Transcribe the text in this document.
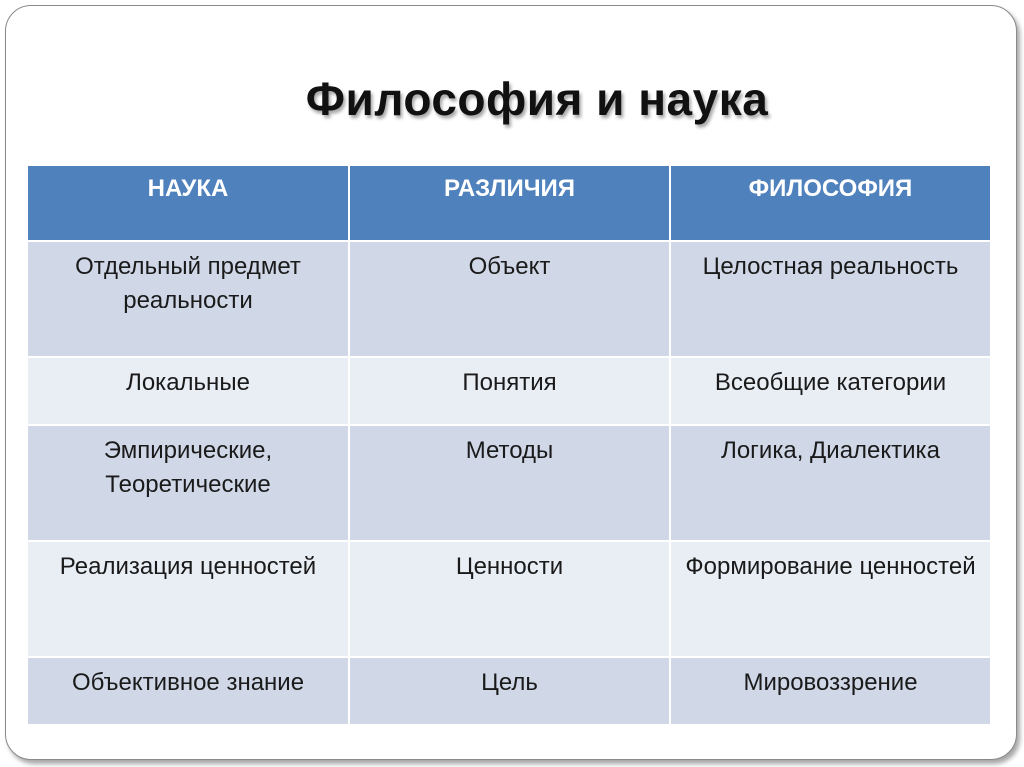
Философия и наука
НАУКА	РАЗЛИЧИЯ	ФИЛОСОФИЯ
Отдельный предмет реальности	Объект	Целостная реальность
Локальные	Понятия	Всеобщие категории
Эмпирические, Теоретические	Методы	Логика, Диалектика
Реализация ценностей	Ценности	Формирование ценностей
Объективное знание	Цель	Мировоззрение
